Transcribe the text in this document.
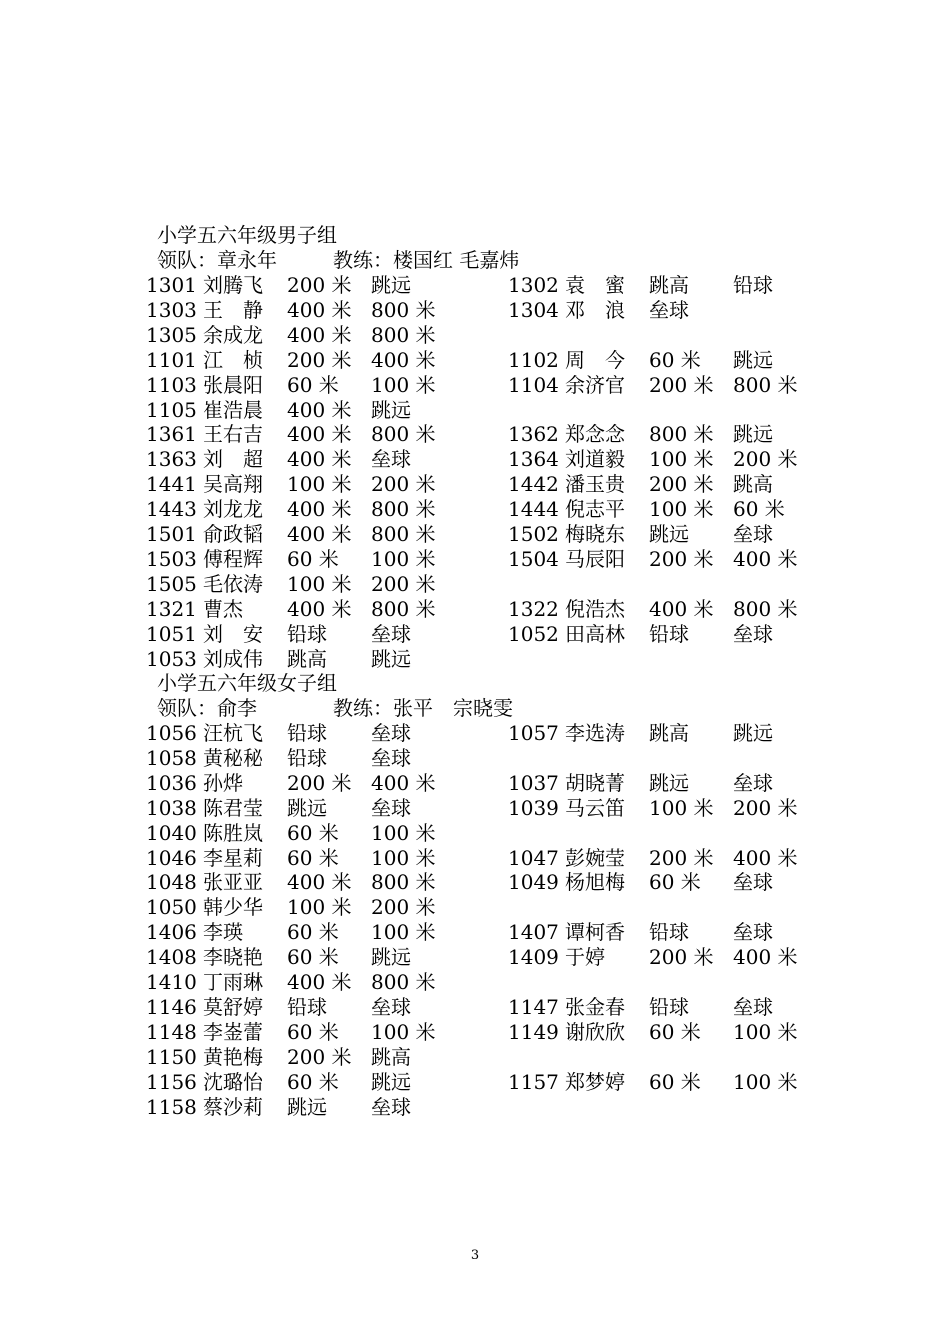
小学五六年级男子组
领队：章永年	教练：楼国红 毛嘉炜
1301 刘腾飞 200 米 跳远	1302 袁　蜜 跳高 铅球
1303 王　静 400 米 800 米	1304 邓　浪 垒球
1305 余成龙 400 米 800 米
1101 江　桢 200 米 400 米	1102 周　今 60 米 跳远
1103 张晨阳 60 米 100 米	1104 余济官 200 米 800 米
1105 崔浩晨 400 米 跳远
1361 王右吉 400 米 800 米	1362 郑念念 800 米 跳远
1363 刘　超 400 米 垒球	1364 刘道毅 100 米 200 米
1441 吴高翔 100 米 200 米	1442 潘玉贵 200 米 跳高
1443 刘龙龙 400 米 800 米	1444 倪志平 100 米 60 米
1501 俞政韬 400 米 800 米	1502 梅晓东 跳远 垒球
1503 傅程辉 60 米 100 米	1504 马辰阳 200 米 400 米
1505 毛依涛 100 米 200 米
1321 曹杰 400 米 800 米	1322 倪浩杰 400 米 800 米
1051 刘　安 铅球 垒球	1052 田高林 铅球 垒球
1053 刘成伟 跳高 跳远
小学五六年级女子组
领队：俞李	教练：张平　宗晓雯
1056 汪杭飞 铅球 垒球	1057 李选涛 跳高 跳远
1058 黄秘秘 铅球 垒球
1036 孙烨 200 米 400 米	1037 胡晓菁 跳远 垒球
1038 陈君莹 跳远 垒球	1039 马云笛 100 米 200 米
1040 陈胜岚 60 米 100 米
1046 李星莉 60 米 100 米	1047 彭婉莹 200 米 400 米
1048 张亚亚 400 米 800 米	1049 杨旭梅 60 米 垒球
1050 韩少华 100 米 200 米
1406 李瑛 60 米 100 米	1407 谭柯香 铅球 垒球
1408 李晓艳 60 米 跳远	1409 于婷 200 米 400 米
1410 丁雨琳 400 米 800 米
1146 莫舒婷 铅球 垒球	1147 张金春 铅球 垒球
1148 李崟蕾 60 米 100 米	1149 谢欣欣 60 米 100 米
1150 黄艳梅 200 米 跳高
1156 沈璐怡 60 米 跳远	1157 郑梦婷 60 米 100 米
1158 蔡沙莉 跳远 垒球
3
